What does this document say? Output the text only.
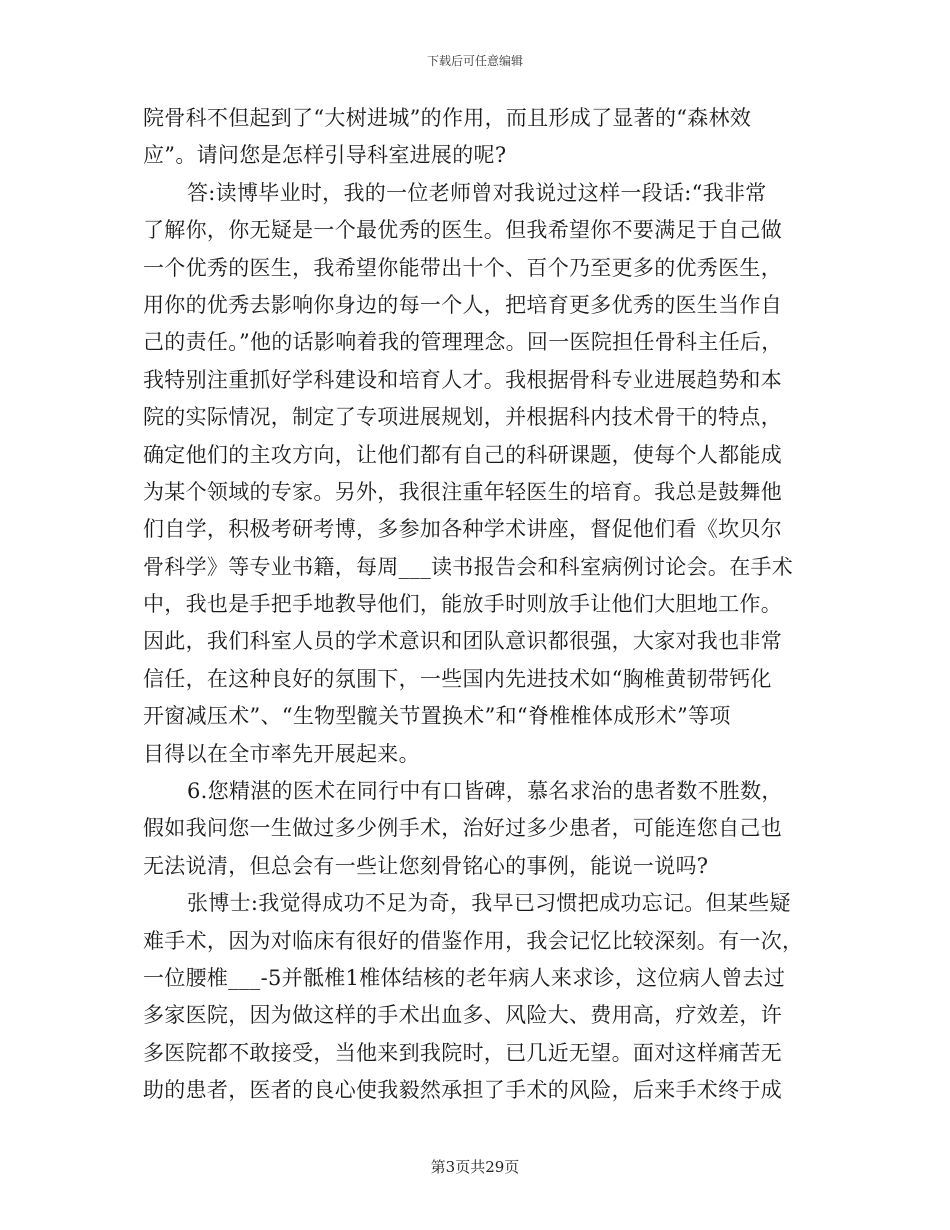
下载后可任意编辑
院骨科不但起到了“大树进城”的作用，而且形成了显著的“森林效
应”。请问您是怎样引导科室进展的呢?
答:读博毕业时，我的一位老师曾对我说过这样一段话:“我非常
了解你，你无疑是一个最优秀的医生。但我希望你不要满足于自己做
一个优秀的医生，我希望你能带出十个、百个乃至更多的优秀医生，
用你的优秀去影响你身边的每一个人，把培育更多优秀的医生当作自
己的责任。”他的话影响着我的管理理念。回一医院担任骨科主任后，
我特别注重抓好学科建设和培育人才。我根据骨科专业进展趋势和本
院的实际情况，制定了专项进展规划，并根据科内技术骨干的特点，
确定他们的主攻方向，让他们都有自己的科研课题，使每个人都能成
为某个领域的专家。另外，我很注重年轻医生的培育。我总是鼓舞他
们自学，积极考研考博，多参加各种学术讲座，督促他们看《坎贝尔
骨科学》等专业书籍，每周___读书报告会和科室病例讨论会。在手术
中，我也是手把手地教导他们，能放手时则放手让他们大胆地工作。
因此，我们科室人员的学术意识和团队意识都很强，大家对我也非常
信任，在这种良好的氛围下，一些国内先进技术如“胸椎黄韧带钙化
开窗减压术”、“生物型髋关节置换术”和“脊椎椎体成形术”等项
目得以在全市率先开展起来。
6.您精湛的医术在同行中有口皆碑，慕名求治的患者数不胜数，
假如我问您一生做过多少例手术，治好过多少患者，可能连您自己也
无法说清，但总会有一些让您刻骨铭心的事例，能说一说吗?
张博士:我觉得成功不足为奇，我早已习惯把成功忘记。但某些疑
难手术，因为对临床有很好的借鉴作用，我会记忆比较深刻。有一次，
一位腰椎___-5并骶椎1椎体结核的老年病人来求诊，这位病人曾去过
多家医院，因为做这样的手术出血多、风险大、费用高，疗效差，许
多医院都不敢接受，当他来到我院时，已几近无望。面对这样痛苦无
助的患者，医者的良心使我毅然承担了手术的风险，后来手术终于成
第3页共29页
